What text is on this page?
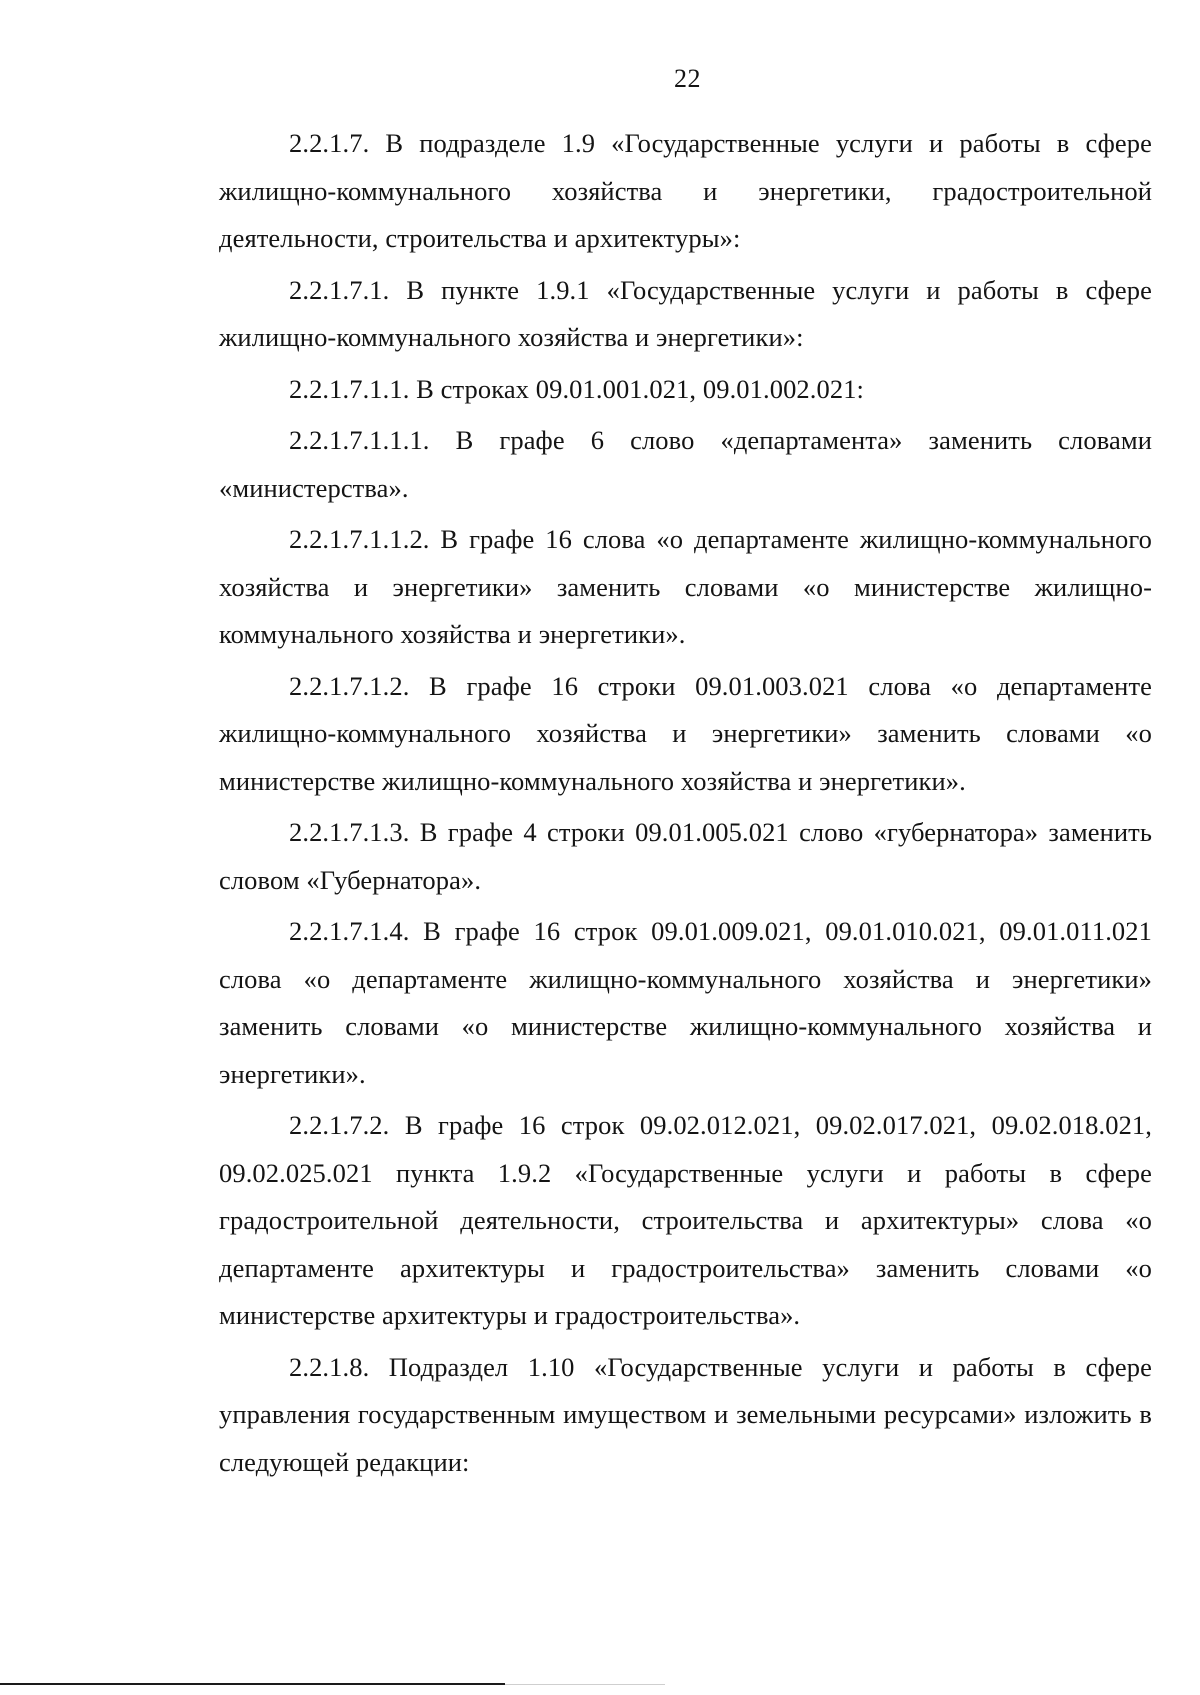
22

2.2.1.7. В подразделе 1.9 «Государственные услуги и работы в сфере жилищно-коммунального хозяйства и энергетики, градостроительной деятельности, строительства и архитектуры»:

2.2.1.7.1. В пункте 1.9.1 «Государственные услуги и работы в сфере жилищно-коммунального хозяйства и энергетики»:

2.2.1.7.1.1. В строках 09.01.001.021, 09.01.002.021:

2.2.1.7.1.1.1. В графе 6 слово «департамента» заменить словами «министерства».

2.2.1.7.1.1.2. В графе 16 слова «о департаменте жилищно-коммунального хозяйства и энергетики» заменить словами «о министерстве жилищно-коммунального хозяйства и энергетики».

2.2.1.7.1.2. В графе 16 строки 09.01.003.021 слова «о департаменте жилищно-коммунального хозяйства и энергетики» заменить словами «о министерстве жилищно-коммунального хозяйства и энергетики».

2.2.1.7.1.3. В графе 4 строки 09.01.005.021 слово «губернатора» заменить словом «Губернатора».

2.2.1.7.1.4. В графе 16 строк 09.01.009.021, 09.01.010.021, 09.01.011.021 слова «о департаменте жилищно-коммунального хозяйства и энергетики» заменить словами «о министерстве жилищно-коммунального хозяйства и энергетики».

2.2.1.7.2. В графе 16 строк 09.02.012.021, 09.02.017.021, 09.02.018.021, 09.02.025.021 пункта 1.9.2 «Государственные услуги и работы в сфере градостроительной деятельности, строительства и архитектуры» слова «о департаменте архитектуры и градостроительства» заменить словами «о министерстве архитектуры и градостроительства».

2.2.1.8. Подраздел 1.10 «Государственные услуги и работы в сфере управления государственным имуществом и земельными ресурсами» изложить в следующей редакции:
